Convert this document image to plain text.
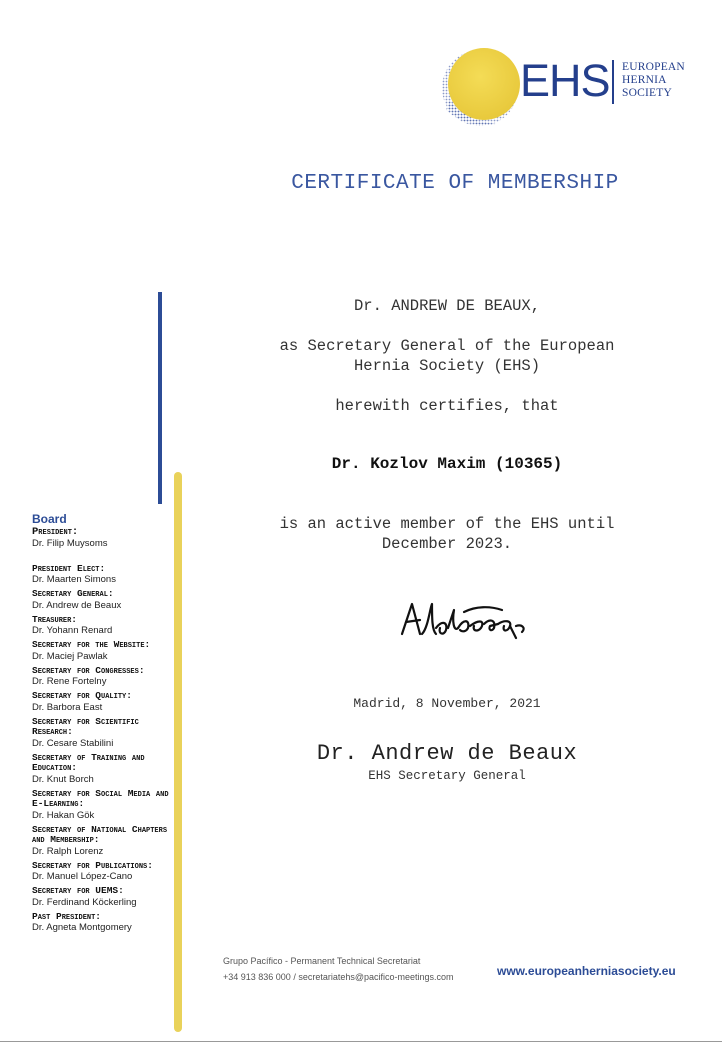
EHS EUROPEAN
HERNIA
SOCIETY
CERTIFICATE OF MEMBERSHIP
Dr. ANDREW DE BEAUX,
as Secretary General of the European
Hernia Society (EHS)
herewith certifies, that
Dr. Kozlov Maxim (10365)
is an active member of the EHS until
December 2023.
Madrid, 8 November, 2021
Dr. Andrew de Beaux
EHS Secretary General
Board
President:
Dr. Filip Muysoms
President Elect:
Dr. Maarten Simons
Secretary General:
Dr. Andrew de Beaux
Treasurer:
Dr. Yohann Renard
Secretary for the Website:
Dr. Maciej Pawlak
Secretary for Congresses:
Dr. Rene Fortelny
Secretary for Quality:
Dr. Barbora East
Secretary for Scientific Research:
Dr. Cesare Stabilini
Secretary of Training and Education:
Dr. Knut Borch
Secretary for Social Media and E-Learning:
Dr. Hakan Gök
Secretary of National Chapters and Membership:
Dr. Ralph Lorenz
Secretary for Publications:
Dr. Manuel López-Cano
Secretary for UEMS:
Dr. Ferdinand Köckerling
Past President:
Dr. Agneta Montgomery
Grupo Pacífico - Permanent Technical Secretariat
+34 913 836 000 / secretariatehs@pacifico-meetings.com	www.europeanherniasociety.eu
